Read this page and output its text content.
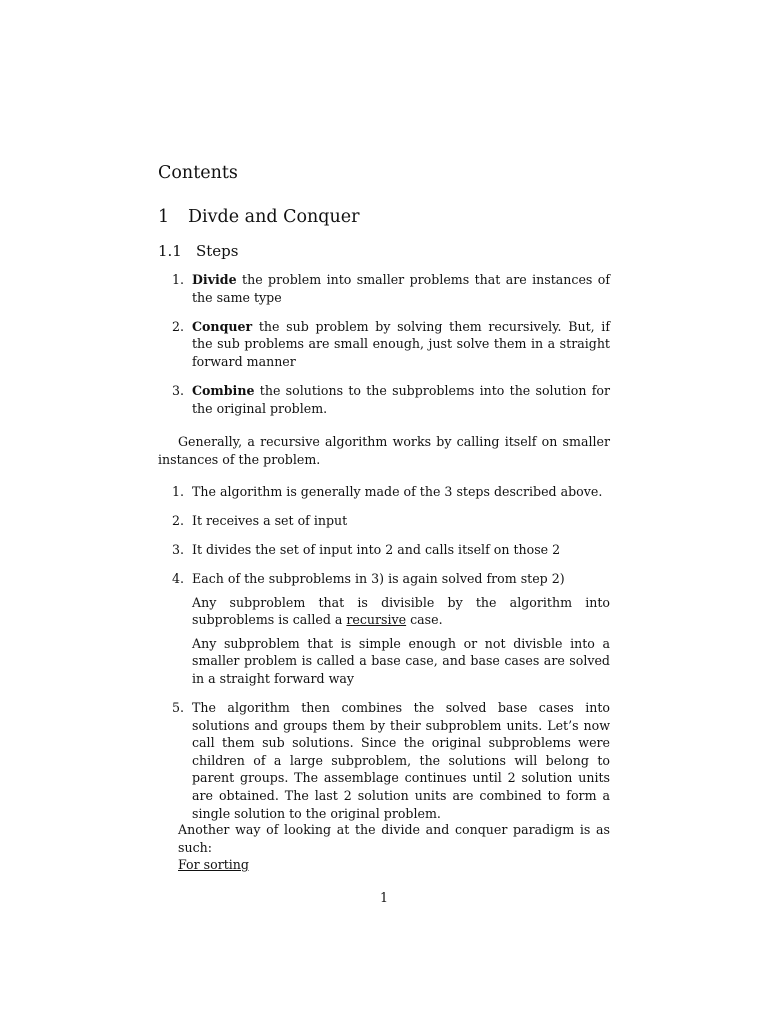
Contents
1 Divde and Conquer
1.1 Steps
1. Divide the problem into smaller problems that are instances of the same type
2. Conquer the sub problem by solving them recursively. But, if the sub problems are small enough, just solve them in a straight forward manner
3. Combine the solutions to the subproblems into the solution for the original problem.

Generally, a recursive algorithm works by calling itself on smaller instances of the problem.

1. The algorithm is generally made of the 3 steps described above.
2. It receives a set of input
3. It divides the set of input into 2 and calls itself on those 2
4. Each of the subproblems in 3) is again solved from step 2)

Any subproblem that is divisible by the algorithm into subproblems is called a recursive case.

Any subproblem that is simple enough or not divisble into a smaller problem is called a base case, and base cases are solved in a straight forward way

5. The algorithm then combines the solved base cases into solutions and groups them by their subproblem units. Let’s now call them sub solutions. Since the original subproblems were children of a large subproblem, the solutions will belong to parent groups. The assemblage continues until 2 solution units are obtained. The last 2 solution units are combined to form a single solution to the original problem.

Another way of looking at the divide and conquer paradigm is as such:
For sorting

1
